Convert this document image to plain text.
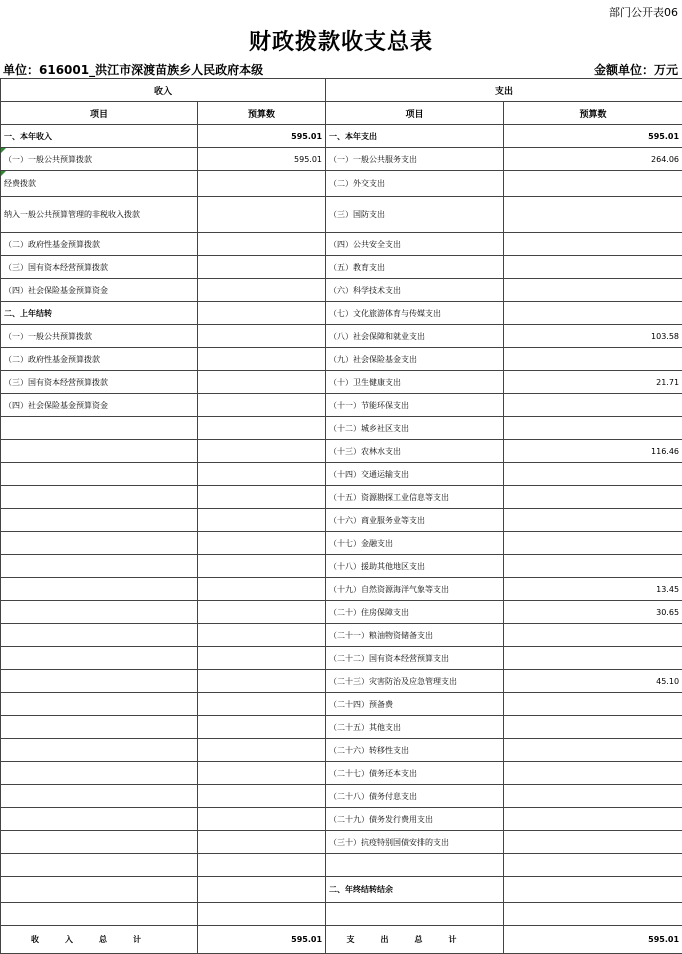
部门公开表06
财政拨款收支总表
单位：616001_洪江市深渡苗族乡人民政府本级	金额单位：万元
收入		支出	
项目	预算数	项目	预算数
一、本年收入	595.01	一、本年支出	595.01
（一）一般公共预算拨款	595.01	（一）一般公共服务支出	264.06
经费拨款		（二）外交支出	
纳入一般公共预算管理的非税收入拨款		（三）国防支出	
（二）政府性基金预算拨款		（四）公共安全支出	
（三）国有资本经营预算拨款		（五）教育支出	
（四）社会保险基金预算资金		（六）科学技术支出	
二、上年结转		（七）文化旅游体育与传媒支出	
（一）一般公共预算拨款		（八）社会保障和就业支出	103.58
（二）政府性基金预算拨款		（九）社会保险基金支出	
（三）国有资本经营预算拨款		（十）卫生健康支出	21.71
（四）社会保险基金预算资金		（十一）节能环保支出	
		（十二）城乡社区支出	
		（十三）农林水支出	116.46
		（十四）交通运输支出	
		（十五）资源勘探工业信息等支出	
		（十六）商业服务业等支出	
		（十七）金融支出	
		（十八）援助其他地区支出	
		（十九）自然资源海洋气象等支出	13.45
		（二十）住房保障支出	30.65
		（二十一）粮油物资储备支出	
		（二十二）国有资本经营预算支出	
		（二十三）灾害防治及应急管理支出	45.10
		（二十四）预备费	
		（二十五）其他支出	
		（二十六）转移性支出	
		（二十七）债务还本支出	
		（二十八）债务付息支出	
		（二十九）债务发行费用支出	
		（三十）抗疫特别国债安排的支出	

		二、年终结转结余	

收入总计	595.01	支出总计	595.01
